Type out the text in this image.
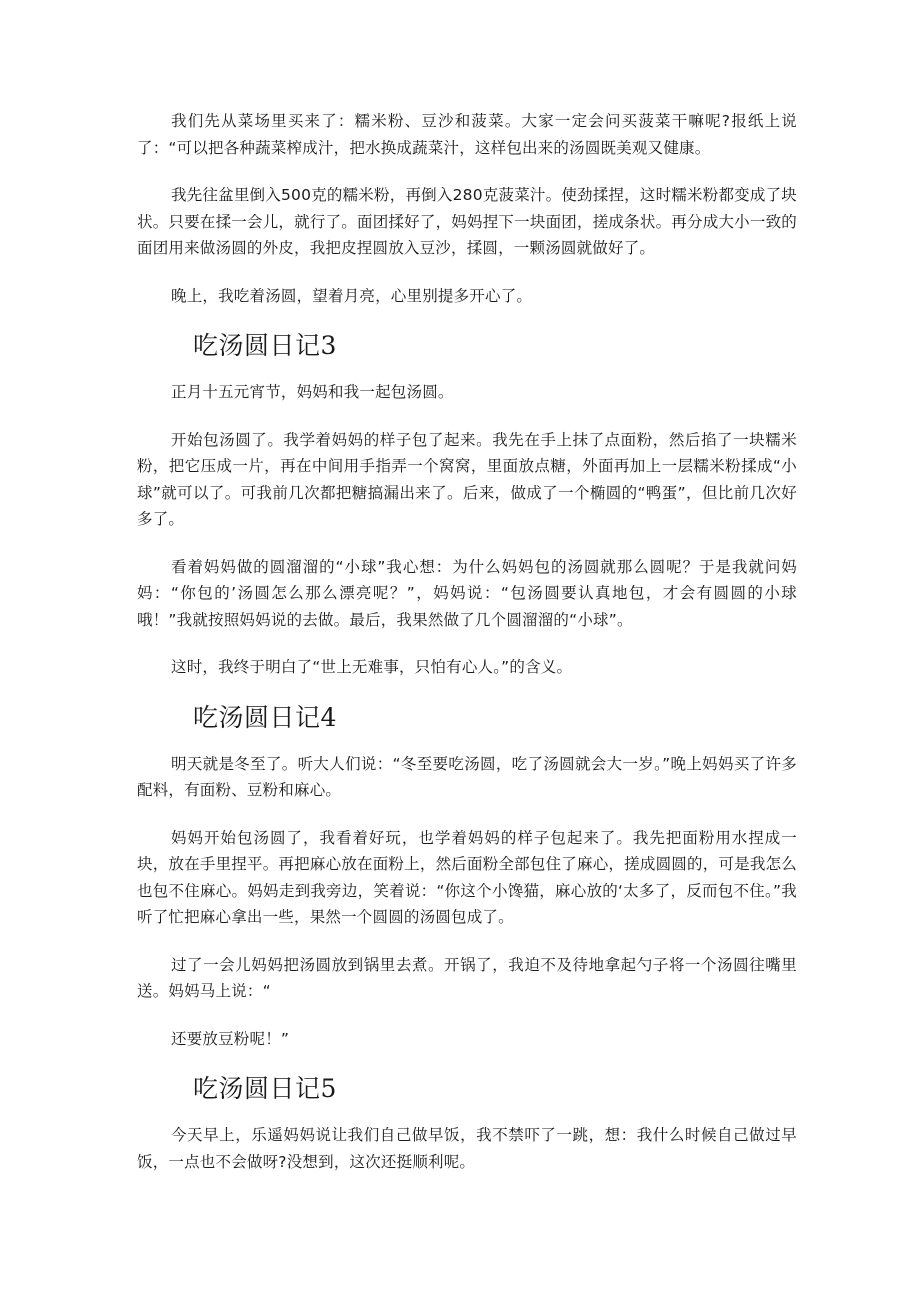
我们先从菜场里买来了：糯米粉、豆沙和菠菜。大家一定会问买菠菜干嘛呢?报纸上说了：“可以把各种蔬菜榨成汁，把水换成蔬菜汁，这样包出来的汤圆既美观又健康。

我先往盆里倒入500克的糯米粉，再倒入280克菠菜汁。使劲揉捏，这时糯米粉都变成了块状。只要在揉一会儿，就行了。面团揉好了，妈妈捏下一块面团，搓成条状。再分成大小一致的面团用来做汤圆的外皮，我把皮捏圆放入豆沙，揉圆，一颗汤圆就做好了。

晚上，我吃着汤圆，望着月亮，心里别提多开心了。

吃汤圆日记3

正月十五元宵节，妈妈和我一起包汤圆。

开始包汤圆了。我学着妈妈的样子包了起来。我先在手上抹了点面粉，然后掐了一块糯米粉，把它压成一片，再在中间用手指弄一个窝窝，里面放点糖，外面再加上一层糯米粉揉成“小球”就可以了。可我前几次都把糖搞漏出来了。后来，做成了一个椭圆的“鸭蛋”，但比前几次好多了。

看着妈妈做的圆溜溜的“小球”我心想：为什么妈妈包的汤圆就那么圆呢？于是我就问妈妈：“你包的’汤圆怎么那么漂亮呢？”，妈妈说：“包汤圆要认真地包，才会有圆圆的小球哦！”我就按照妈妈说的去做。最后，我果然做了几个圆溜溜的“小球”。

这时，我终于明白了“世上无难事，只怕有心人。”的含义。

吃汤圆日记4

明天就是冬至了。听大人们说：“冬至要吃汤圆，吃了汤圆就会大一岁。”晚上妈妈买了许多配料，有面粉、豆粉和麻心。

妈妈开始包汤圆了，我看着好玩，也学着妈妈的样子包起来了。我先把面粉用水捏成一块，放在手里捏平。再把麻心放在面粉上，然后面粉全部包住了麻心，搓成圆圆的，可是我怎么也包不住麻心。妈妈走到我旁边，笑着说：“你这个小馋猫，麻心放的‘太多了，反而包不住。”我听了忙把麻心拿出一些，果然一个圆圆的汤圆包成了。

过了一会儿妈妈把汤圆放到锅里去煮。开锅了，我迫不及待地拿起勺子将一个汤圆往嘴里送。妈妈马上说：“

还要放豆粉呢！”

吃汤圆日记5

今天早上，乐遥妈妈说让我们自己做早饭，我不禁吓了一跳，想：我什么时候自己做过早饭，一点也不会做呀?没想到，这次还挺顺利呢。
